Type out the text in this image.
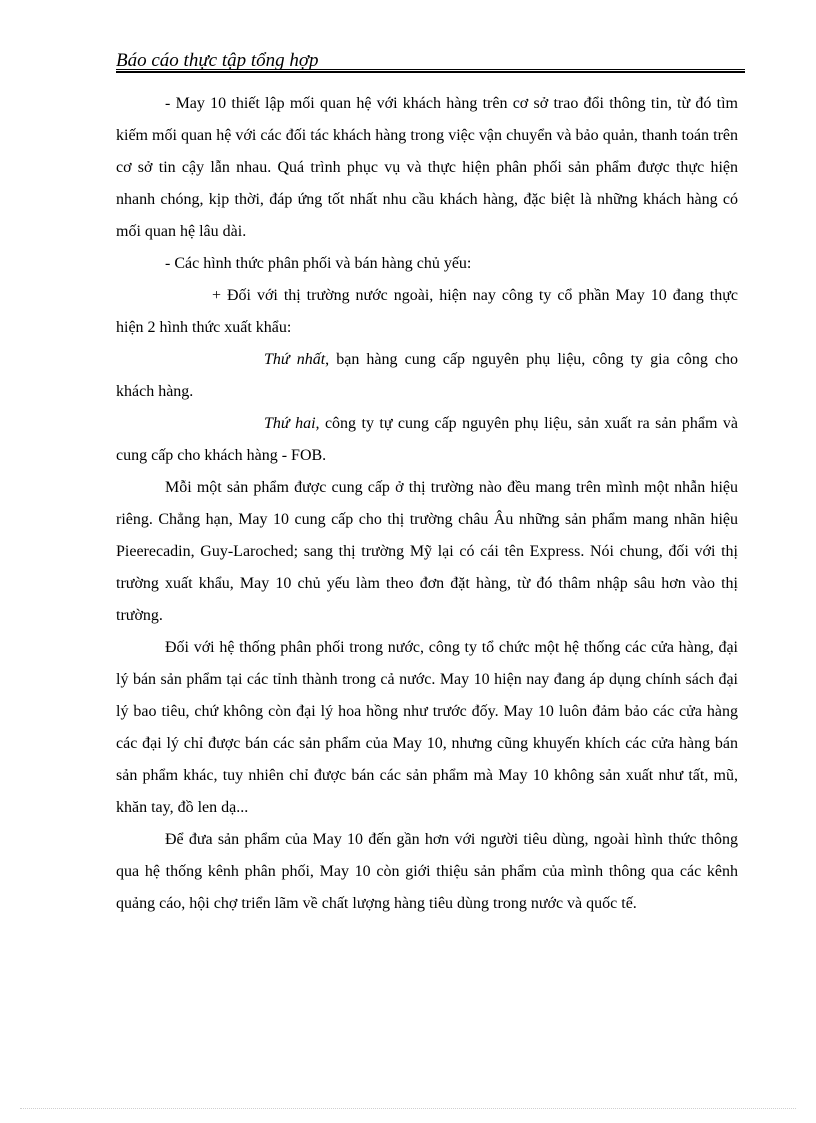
Báo cáo thực tập tổng hợp

- May 10 thiết lập mối quan hệ với khách hàng trên cơ sở trao đổi thông tin, từ đó tìm kiếm mối quan hệ với các đối tác khách hàng trong việc vận chuyển và bảo quản, thanh toán trên cơ sở tin cậy lẫn nhau. Quá trình phục vụ và thực hiện phân phối sản phẩm được thực hiện nhanh chóng, kịp thời, đáp ứng tốt nhất nhu cầu khách hàng, đặc biệt là những khách hàng có mối quan hệ lâu dài.

- Các hình thức phân phối và bán hàng chủ yếu:

+ Đối với thị trường nước ngoài, hiện nay công ty cổ phần May 10 đang thực hiện 2 hình thức xuất khẩu:

Thứ nhất, bạn hàng cung cấp nguyên phụ liệu, công ty gia công cho khách hàng.

Thứ hai, công ty tự cung cấp nguyên phụ liệu, sản xuất ra sản phẩm và cung cấp cho khách hàng - FOB.

Mỗi một sản phẩm được cung cấp ở thị trường nào đều mang trên mình một nhẫn hiệu riêng. Chẳng hạn, May 10 cung cấp cho thị trường châu Âu những sản phẩm mang nhãn hiệu Pieerecadin, Guy-Laroched; sang thị trường Mỹ lại có cái tên Express. Nói chung, đối với thị trường xuất khẩu, May 10 chủ yếu làm theo đơn đặt hàng, từ đó thâm nhập sâu hơn vào thị trường.

Đối với hệ thống phân phối trong nước, công ty tổ chức một hệ thống các cửa hàng, đại lý bán sản phẩm tại các tỉnh thành trong cả nước. May 10 hiện nay đang áp dụng chính sách đại lý bao tiêu, chứ không còn đại lý hoa hồng như trước đốy. May 10 luôn đảm bảo các cửa hàng các đại lý chỉ được bán các sản phẩm của May 10, nhưng cũng khuyến khích các cửa hàng bán sản phẩm khác, tuy nhiên chỉ được bán các sản phẩm mà May 10 không sản xuất như tất, mũ, khăn tay, đồ len dạ...

Để đưa sản phẩm của May 10 đến gần hơn với người tiêu dùng, ngoài hình thức thông qua hệ thống kênh phân phối, May 10 còn giới thiệu sản phẩm của mình thông qua các kênh quảng cáo, hội chợ triển lãm về chất lượng hàng tiêu dùng trong nước và quốc tế.
